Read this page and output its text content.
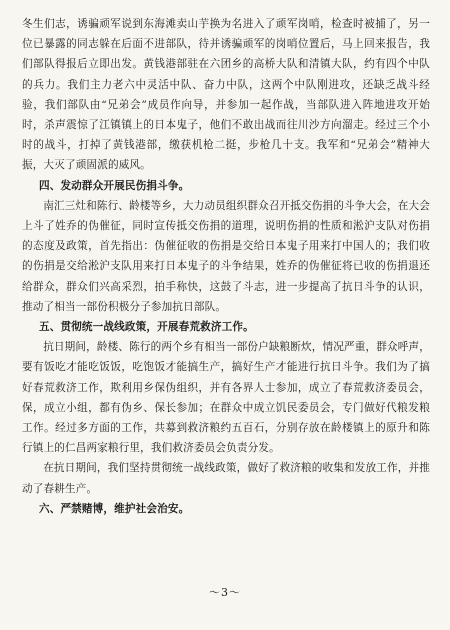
冬生们志，诱骗顽军说到东海滩卖山芋换为名进入了顽军岗哨，检查时被捕了，另一位已暴露的同志躲在后面不进部队，待并诱骗顽军的岗哨位置后，马上回来报告，我们部队得报后立即出发。黄钱港部驻在六团乡的高桥大队和清镇大队，约有四个中队的兵力。我们主力老六中灵活中队、奋力中队，这两个中队刚进攻，还缺乏战斗经验，我们部队由“兄弟会”成员作向导，并参加一起作战，当部队进入阵地进攻开始时，杀声震惊了江镇镇上的日本鬼子，他们不敢出战而往川沙方向溜走。经过三个小时的战斗，打掉了黄钱港部，缴获机枪二挺，步枪几十支。我军和“兄弟会”精神大振，大灭了顽固派的威风。

四、发动群众开展民伤捐斗争。

南汇三灶和陈行、龄楼等乡，大力动员组织群众召开抵交伤捐的斗争大会，在大会上斗了姓乔的伪催征，同时宣传抵交伤捐的道理，说明伤捐的性质和淞沪支队对伤捐的态度及政策，首先指出：伪催征收的伤捐是交给日本鬼子用来打中国人的；我们收的伤捐是交给淞沪支队用来打日本鬼子的斗争结果，姓乔的伪催征将已收的伤捐退还给群众，群众们兴高采烈，拍手称快，这鼓了斗志，进一步提高了抗日斗争的认识，推动了相当一部份积极分子参加抗日部队。

五、贯彻统一战线政策，开展春荒救济工作。

抗日期间，龄楼、陈行的两个乡有相当一部份户缺粮断炊，情况严重，群众呼声，要有饭吃才能吃饭饭，吃饱饭才能搞生产，搞好生产才能进行抗日斗争。我们为了搞好春荒救济工作，欺利用乡保伪组织，并有各界人士参加，成立了春荒救济委员会，保，成立小组，都有伪乡、保长参加；在群众中成立饥民委员会，专门做好代粮发粮工作。经过多方面的工作，共募到救济粮约五百石，分别存放在龄楼镇上的原升和陈行镇上的仁昌两家粮行里，我们救济委员会负责分发。

在抗日期间，我们坚持贯彻统一战线政策，做好了救济粮的收集和发放工作，并推动了春耕生产。

六、严禁赌博，维护社会治安。

～3～
